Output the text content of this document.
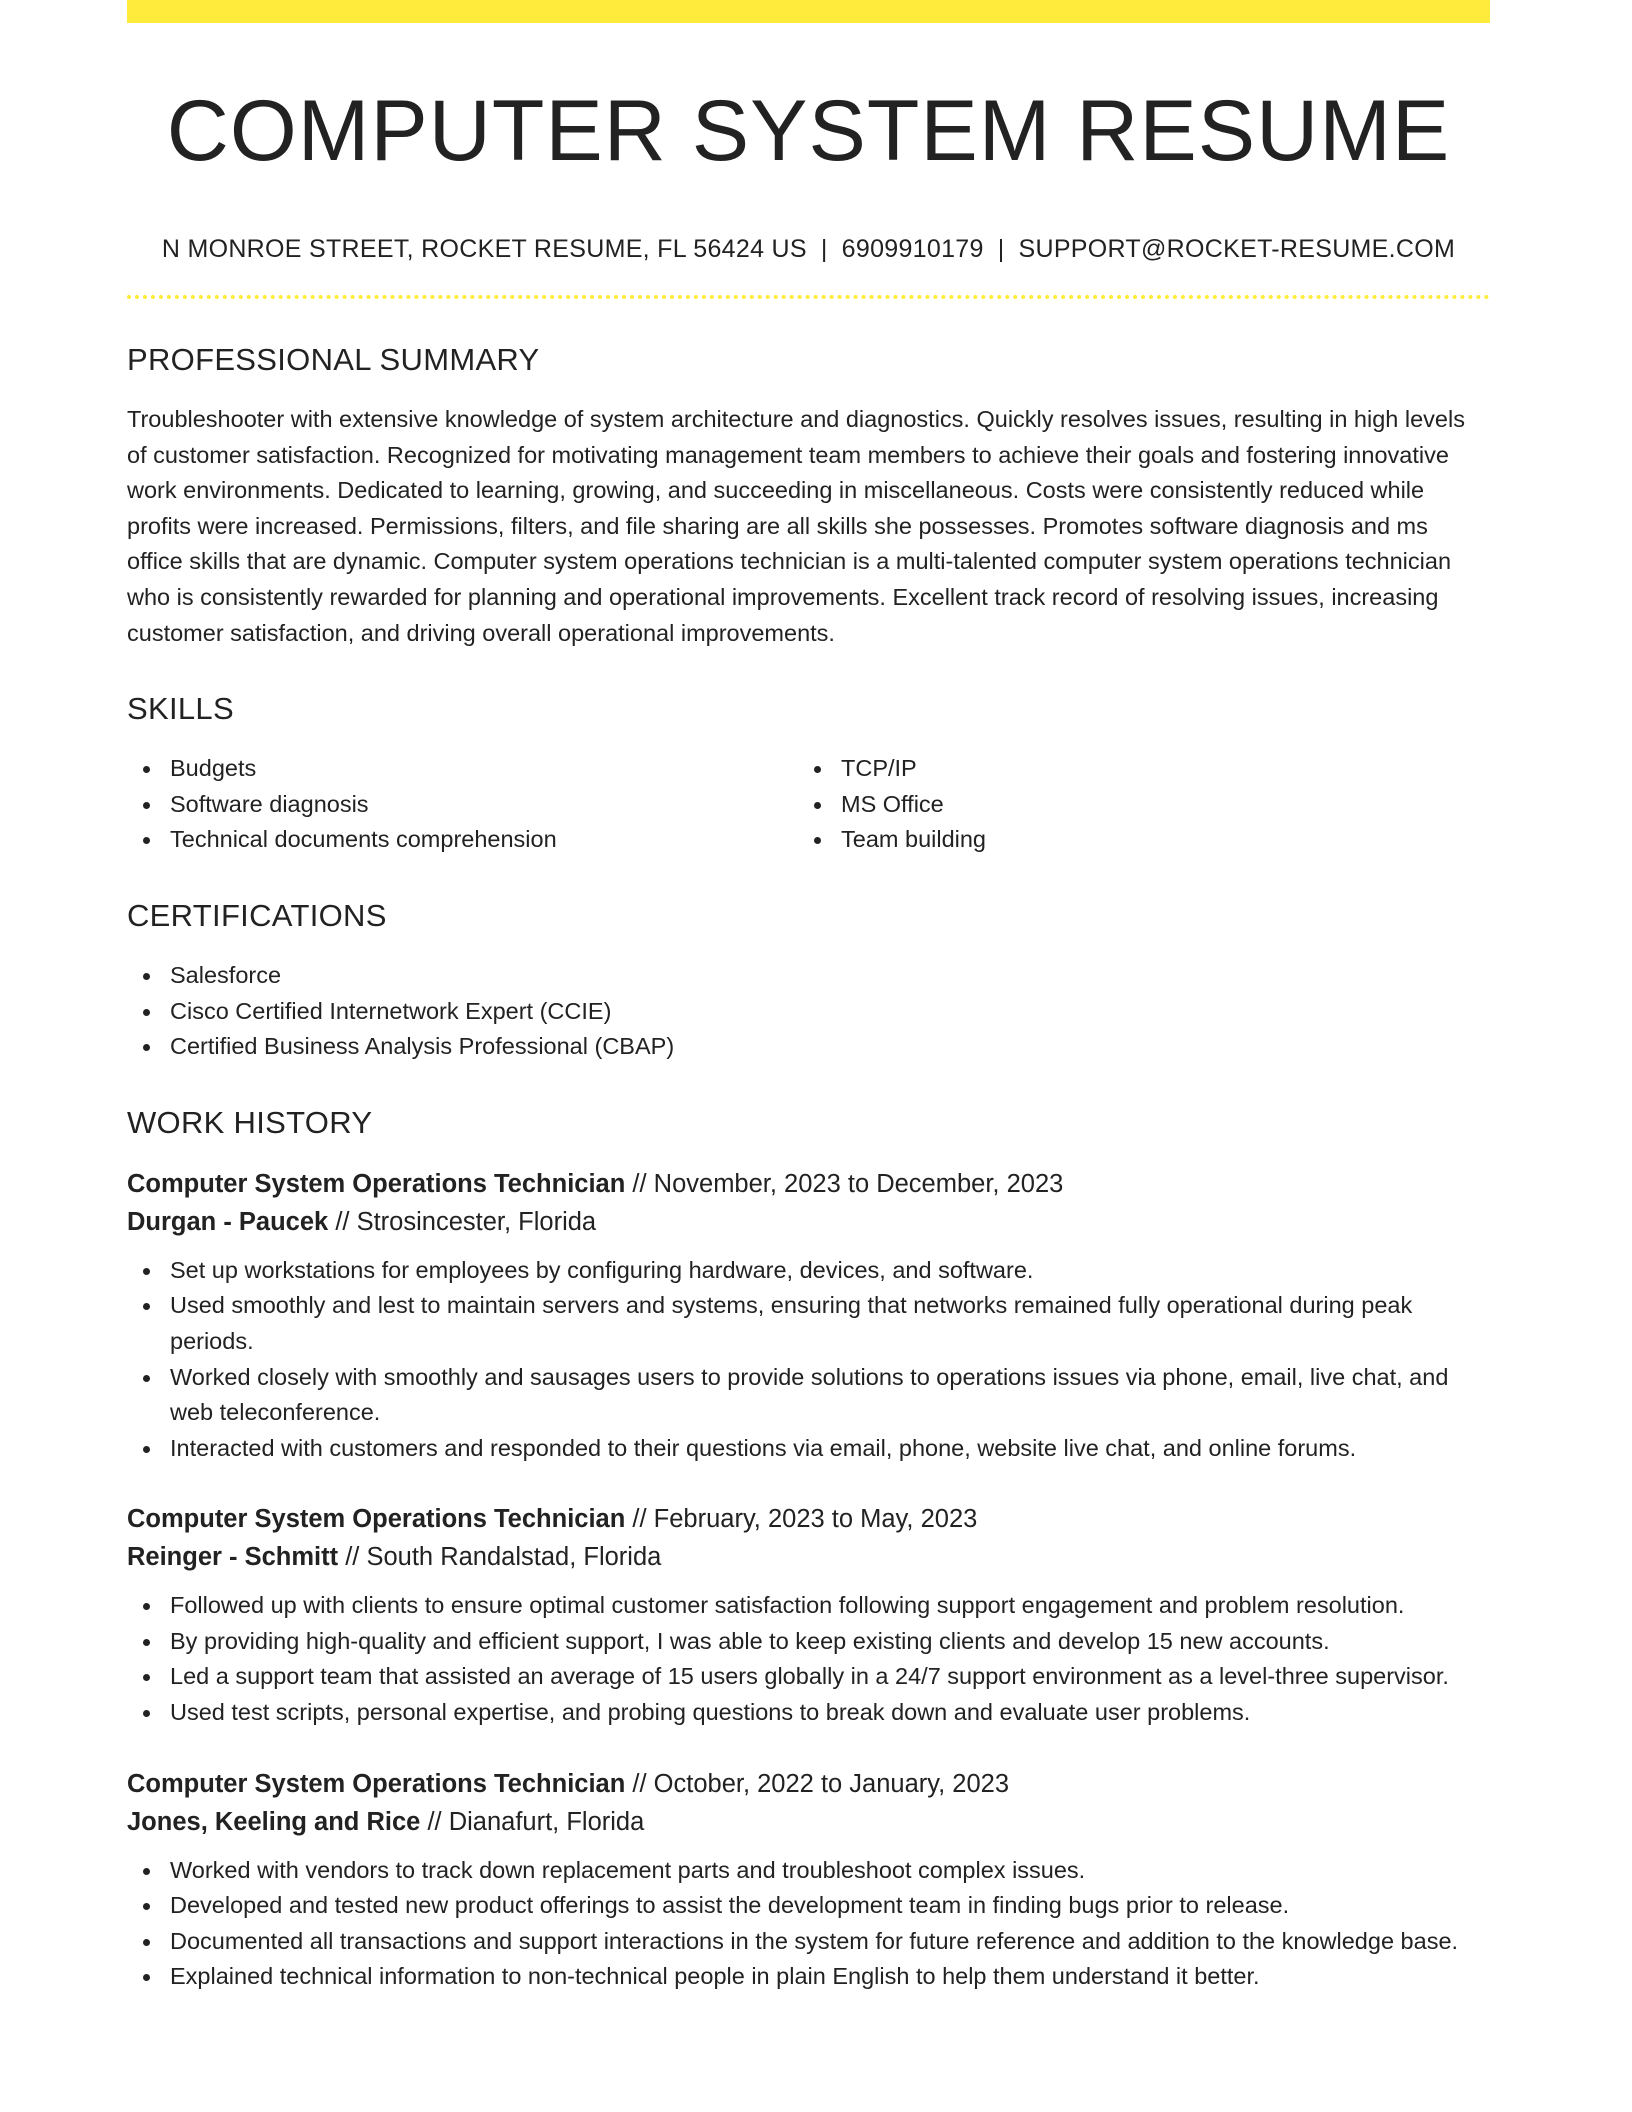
COMPUTER SYSTEM RESUME
N MONROE STREET, ROCKET RESUME, FL 56424 US | 6909910179 | SUPPORT@ROCKET-RESUME.COM
PROFESSIONAL SUMMARY

Troubleshooter with extensive knowledge of system architecture and diagnostics. Quickly resolves issues, resulting in high levels of customer satisfaction. Recognized for motivating management team members to achieve their goals and fostering innovative work environments. Dedicated to learning, growing, and succeeding in miscellaneous. Costs were consistently reduced while profits were increased. Permissions, filters, and file sharing are all skills she possesses. Promotes software diagnosis and ms office skills that are dynamic. Computer system operations technician is a multi-talented computer system operations technician who is consistently rewarded for planning and operational improvements. Excellent track record of resolving issues, increasing customer satisfaction, and driving overall operational improvements.

SKILLS
Budgets
Software diagnosis
Technical documents comprehension
TCP/IP
MS Office
Team building
CERTIFICATIONS
Salesforce
Cisco Certified Internetwork Expert (CCIE)
Certified Business Analysis Professional (CBAP)
WORK HISTORY
Computer System Operations Technician // November, 2023 to December, 2023
Durgan - Paucek // Strosincester, Florida
Set up workstations for employees by configuring hardware, devices, and software.
Used smoothly and lest to maintain servers and systems, ensuring that networks remained fully operational during peak periods.
Worked closely with smoothly and sausages users to provide solutions to operations issues via phone, email, live chat, and web teleconference.
Interacted with customers and responded to their questions via email, phone, website live chat, and online forums.
Computer System Operations Technician // February, 2023 to May, 2023
Reinger - Schmitt // South Randalstad, Florida
Followed up with clients to ensure optimal customer satisfaction following support engagement and problem resolution.
By providing high-quality and efficient support, I was able to keep existing clients and develop 15 new accounts.
Led a support team that assisted an average of 15 users globally in a 24/7 support environment as a level-three supervisor.
Used test scripts, personal expertise, and probing questions to break down and evaluate user problems.
Computer System Operations Technician // October, 2022 to January, 2023
Jones, Keeling and Rice // Dianafurt, Florida
Worked with vendors to track down replacement parts and troubleshoot complex issues.
Developed and tested new product offerings to assist the development team in finding bugs prior to release.
Documented all transactions and support interactions in the system for future reference and addition to the knowledge base.
Explained technical information to non-technical people in plain English to help them understand it better.
